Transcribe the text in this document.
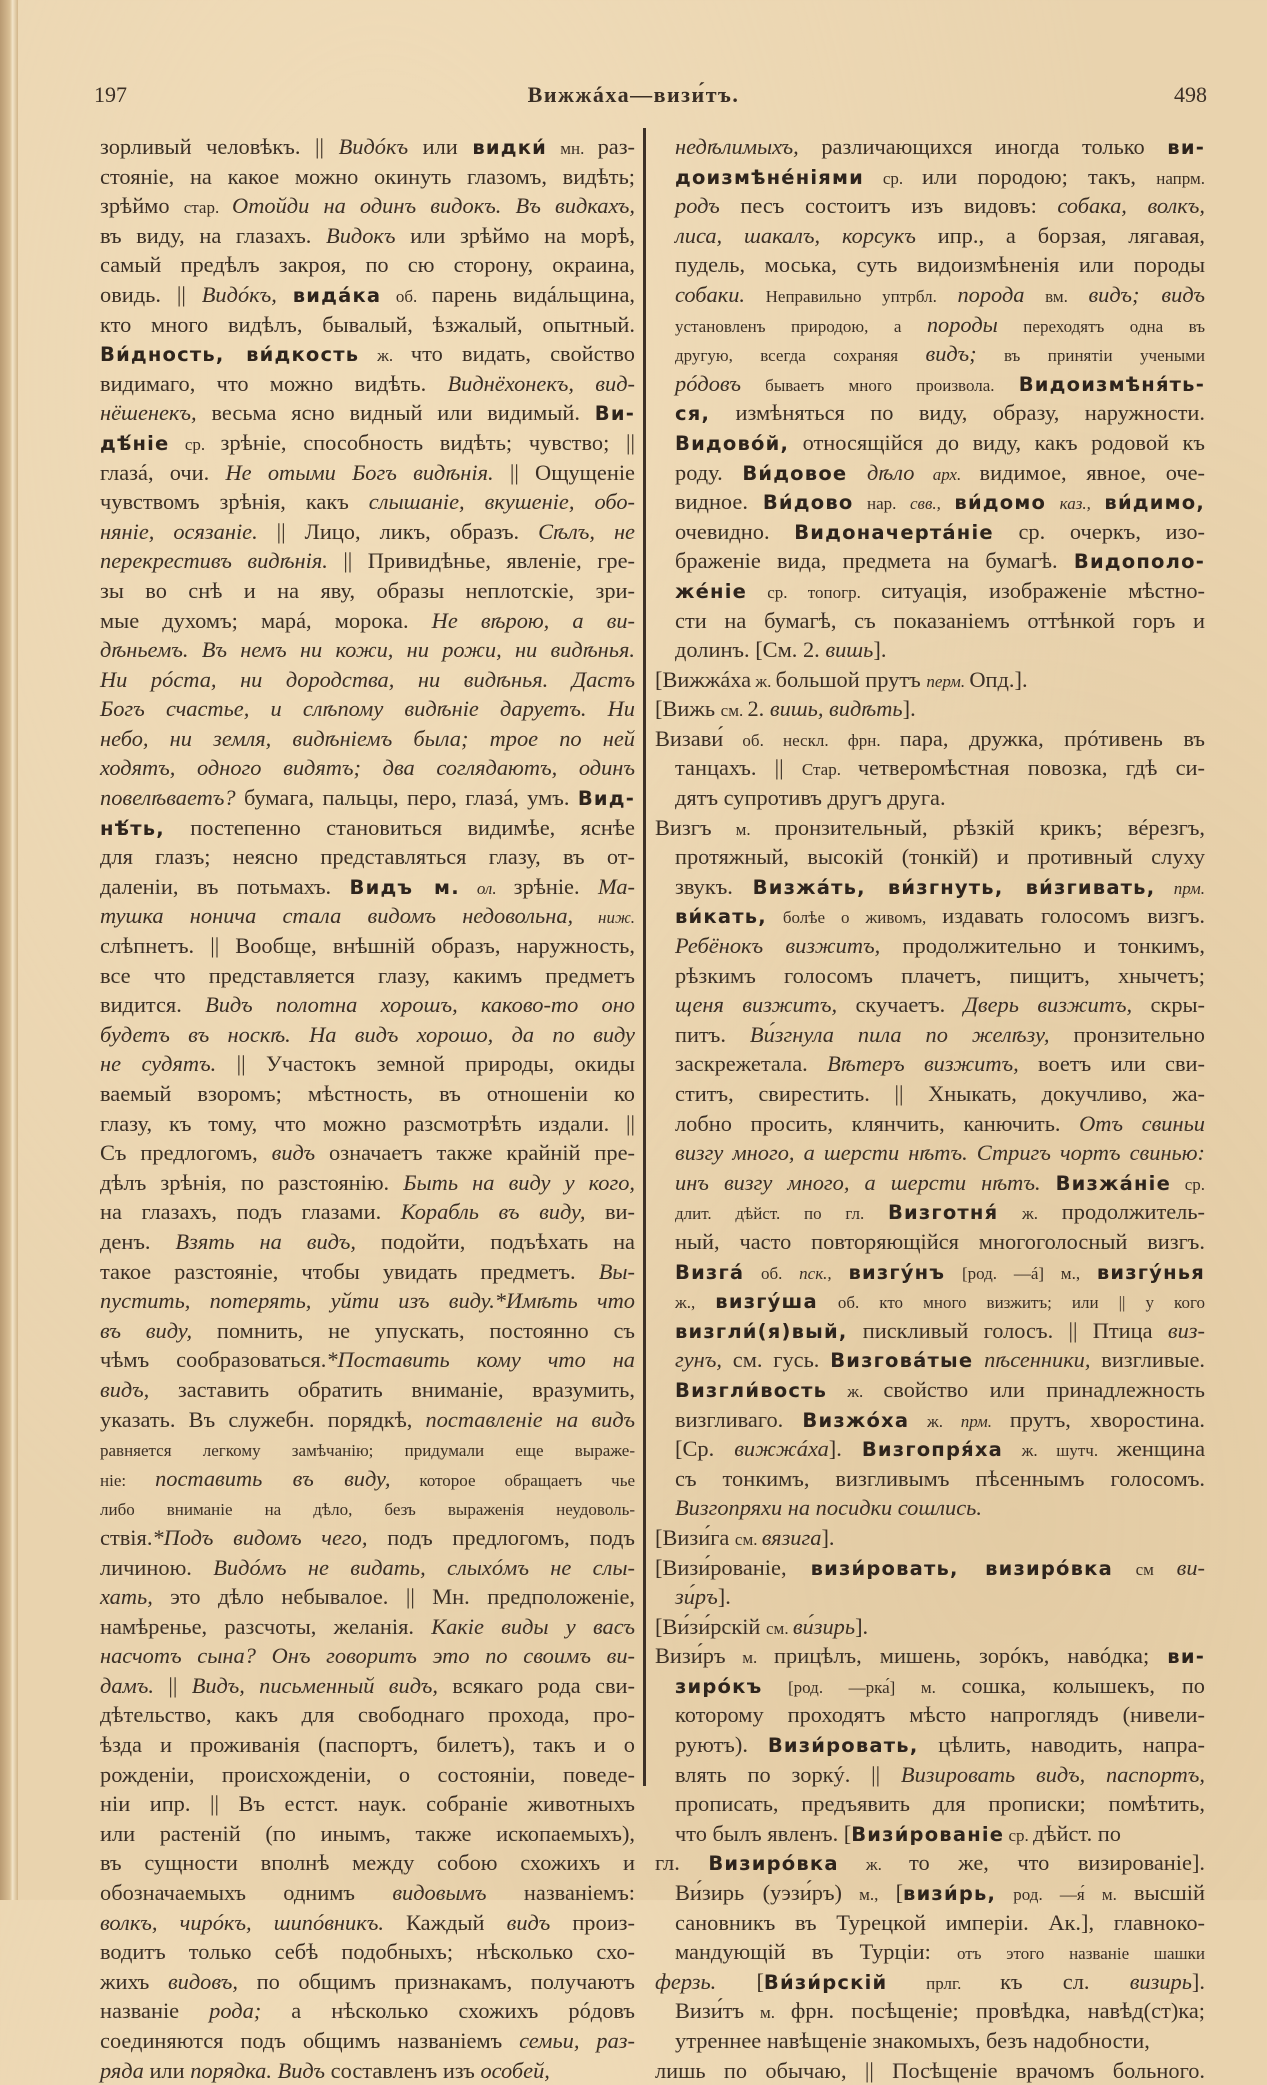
197	Вижжáха—визи́тъ.	498
зорливый человѣкъ. || Видóкъ или видки́ мн. раз-
стояніе, на какое можно окинуть глазомъ, видѣть;
зрѣймо стар. Отойди на одинъ видокъ. Въ видкахъ,
въ виду, на глазахъ. Видокъ или зрѣймо на морѣ,
самый предѣлъ закроя, по сю сторону, окраина,
овидь. || Видóкъ, видáка об. парень видáльщина,
кто много видѣлъ, бывалый, ѣзжалый, опытный.
Ви́дность, ви́дкость ж. что видать, свойство
видимаго, что можно видѣть. Виднёхонекъ, вид-
нёшенекъ, весьма ясно видный или видимый. Ви-
дѣ́ніе ср. зрѣніе, способность видѣть; чувство; ||
глазá, очи. Не отыми Богъ видѣнія. || Ощущеніе
чувствомъ зрѣнія, какъ слышаніе, вкушеніе, обо-
няніе, осязаніе. || Лицо, ликъ, образъ. Сѣлъ, не
перекрестивъ видѣнія. || Привидѣнье, явленіе, гре-
зы во снѣ и на яву, образы неплотскіе, зри-
мые духомъ; марá, морока. Не вѣрою, а ви-
дѣньемъ. Въ немъ ни кожи, ни рожи, ни видѣнья.
Ни рóста, ни дородства, ни видѣнья. Дастъ
Богъ счастье, и слѣпому видѣніе даруетъ. Ни
небо, ни земля, видѣніемъ была; трое по ней
ходятъ, одного видятъ; два соглядаютъ, одинъ
повелѣваетъ? бумага, пальцы, перо, глазá, умъ. Вид-
нѣ́ть, постепенно становиться видимѣе, яснѣе
для глазъ; неясно представляться глазу, въ от-
даленіи, въ потьмахъ. Видъ м. ол. зрѣніе. Ма-
тушка нонича стала видомъ недовольна, ниж.
слѣпнетъ. || Вообще, внѣшній образъ, наружность,
все что представляется глазу, какимъ предметъ
видится. Видъ полотна хорошъ, каково-то оно
будетъ въ носкѣ. На видъ хорошо, да по виду
не судятъ. || Участокъ земной природы, окиды
ваемый взоромъ; мѣстность, въ отношеніи ко
глазу, къ тому, что можно разсмотрѣть издали. ||
Съ предлогомъ, видъ означаетъ также крайній пре-
дѣлъ зрѣнія, по разстоянію. Быть на виду у кого,
на глазахъ, подъ глазами. Корабль въ виду, ви-
денъ. Взять на видъ, подойти, подъѣхать на
такое разстояніе, чтобы увидать предметъ. Вы-
пустить, потерять, уйти изъ виду.*Имѣть что
въ виду, помнить, не упускать, постоянно съ
чѣмъ сообразоваться.*Поставить кому что на
видъ, заставить обратить вниманіе, вразумить,
указать. Въ служебн. порядкѣ, поставленіе на видъ
равняется легкому замѣчанію; придумали еще выраже-
ніе: поставить въ виду, которое обращаетъ чье
либо вниманіе на дѣло, безъ выраженія неудоволь-
ствія.*Подъ видомъ чего, подъ предлогомъ, подъ
личиною. Видóмъ не видать, слыхóмъ не слы-
хать, это дѣло небывалое. || Мн. предположеніе,
намѣренье, разсчоты, желанія. Какіе виды у васъ
насчотъ сына? Онъ говоритъ это по своимъ ви-
дамъ. || Видъ, письменный видъ, всякаго рода сви-
дѣтельство, какъ для свободнаго прохода, про-
ѣзда и проживанія (паспортъ, билетъ), такъ и о
рожденіи, происхожденіи, о состояніи, поведе-
ніи ипр. || Въ естст. наук. собраніе животныхъ
или растеній (по инымъ, также ископаемыхъ),
въ сущности вполнѣ между собою схожихъ и
обозначаемыхъ однимъ видовымъ названіемъ:
волкъ, чирóкъ, шипóвникъ. Каждый видъ произ-
водитъ только себѣ подобныхъ; нѣсколько схо-
жихъ видовъ, по общимъ признакамъ, получаютъ
названіе рода; а нѣсколько схожихъ рóдовъ
соединяются подъ общимъ названіемъ семьи, раз-
ряда или порядка. Видъ составленъ изъ особей,
недѣлимыхъ, различающихся иногда только ви-
доизмѣнéніями ср. или породою; такъ, напрм.
родъ песъ состоитъ изъ видовъ: собака, волкъ,
лиса, шакалъ, корсукъ ипр., а борзая, лягавая,
пудель, моська, суть видоизмѣненія или породы
собаки. Неправильно уптрбл. порода вм. видъ; видъ
установленъ природою, а породы переходятъ одна въ
другую, всегда сохраняя видъ; въ принятіи учеными
рóдовъ бываетъ много произвола. Видоизмѣня́ть-
ся, измѣняться по виду, образу, наружности.
Видовóй, относящійся до виду, какъ родовой къ
роду. Ви́довое дѣло арх. видимое, явное, оче-
видное. Ви́дово нар. свв., ви́домо каз., ви́димо,
очевидно. Видоначертáніе ср. очеркъ, изо-
браженіе вида, предмета на бумагѣ. Видополо-
жéніе ср. топогр. ситуація, изображеніе мѣстно-
сти на бумагѣ, съ показаніемъ оттѣнкой горъ и
долинъ. [См. 2. вишь].
[Вижжáха ж. большой прутъ перм. Опд.].
[Вижь см. 2. вишь, видѣть].
Визави́ об. нескл. фрн. пара, дружка, прóтивень въ
танцахъ. || Стар. четверомѣстная повозка, гдѣ си-
дятъ супротивъ другъ друга.
Визгъ м. пронзительный, рѣзкій крикъ; вéрезгъ,
протяжный, высокій (тонкій) и противный слуху
звукъ. Визжáть, ви́згнуть, ви́згивать, прм.
ви́кать, болѣе о живомъ, издавать голосомъ визгъ.
Ребёнокъ визжитъ, продолжительно и тонкимъ,
рѣзкимъ голосомъ плачетъ, пищитъ, хнычетъ;
щеня визжитъ, скучаетъ. Дверь визжитъ, скры-
питъ. Ви́згнула пила по желѣзу, пронзительно
заскрежетала. Вѣтеръ визжитъ, воетъ или сви-
ститъ, свирестить. || Хныкать, докучливо, жа-
лобно просить, клянчить, канючить. Отъ свиньи
визгу много, а шерсти нѣтъ. Стригъ чортъ свинью:
инъ визгу много, а шерсти нѣтъ. Визжáніе ср.
длит. дѣйст. по гл. Визготня́ ж. продолжитель-
ный, часто повторяющійся многоголосный визгъ.
Визгá об. пск., визгýнъ [род. —á] м., визгýнья
ж., визгýша об. кто много визжитъ; или || у кого
визгли́(я)вый, пискливый голосъ. || Птица виз-
гунъ, см. гусь. Визговáтые пѣсенники, визгливые.
Визгли́вость ж. свойство или принадлежность
визгливаго. Визжóха ж. прм. прутъ, хворостина.
[Ср. вижжáха]. Визгопря́ха ж. шутч. женщина
съ тонкимъ, визгливымъ пѣсеннымъ голосомъ.
Визгопряхи на посидки сошлись.
[Визи́га см. вязига].
[Визи́рованіе, визи́ровать, визирóвка см ви-
зи́ръ].
[Ви́зи́рскій см. ви́зирь].
Визи́ръ м. прицѣлъ, мишень, зорóкъ, навóдка; ви-
зирóкъ [род. —рка́] м. сошка, колышекъ, по
которому проходятъ мѣсто напроглядъ (нивели-
руютъ). Визи́ровать, цѣлить, наводить, напра-
влять по зоркý. || Визировать видъ, паспортъ,
прописать, предъявить для прописки; помѣтить,
что былъ явленъ. [Визи́рованіе ср. дѣйст. по
гл. Визирóвка ж. то же, что визированіе].
Ви́зирь (уэзи́ръ) м., [визи́рь, род. —я́ м. высшій
сановникъ въ Турецкой имперіи. Ак.], главноко-
мандующій въ Турціи: отъ этого названіе шашки
ферзь. [Ви́зи́рскій прлг. къ сл. визирь].
Визи́тъ м. фрн. посѣщеніе; провѣдка, навѣд(ст)ка;
утреннее навѣщеніе знакомыхъ, безъ надобности,
лишь по обычаю, || Посѣщеніе врачомъ больного.
